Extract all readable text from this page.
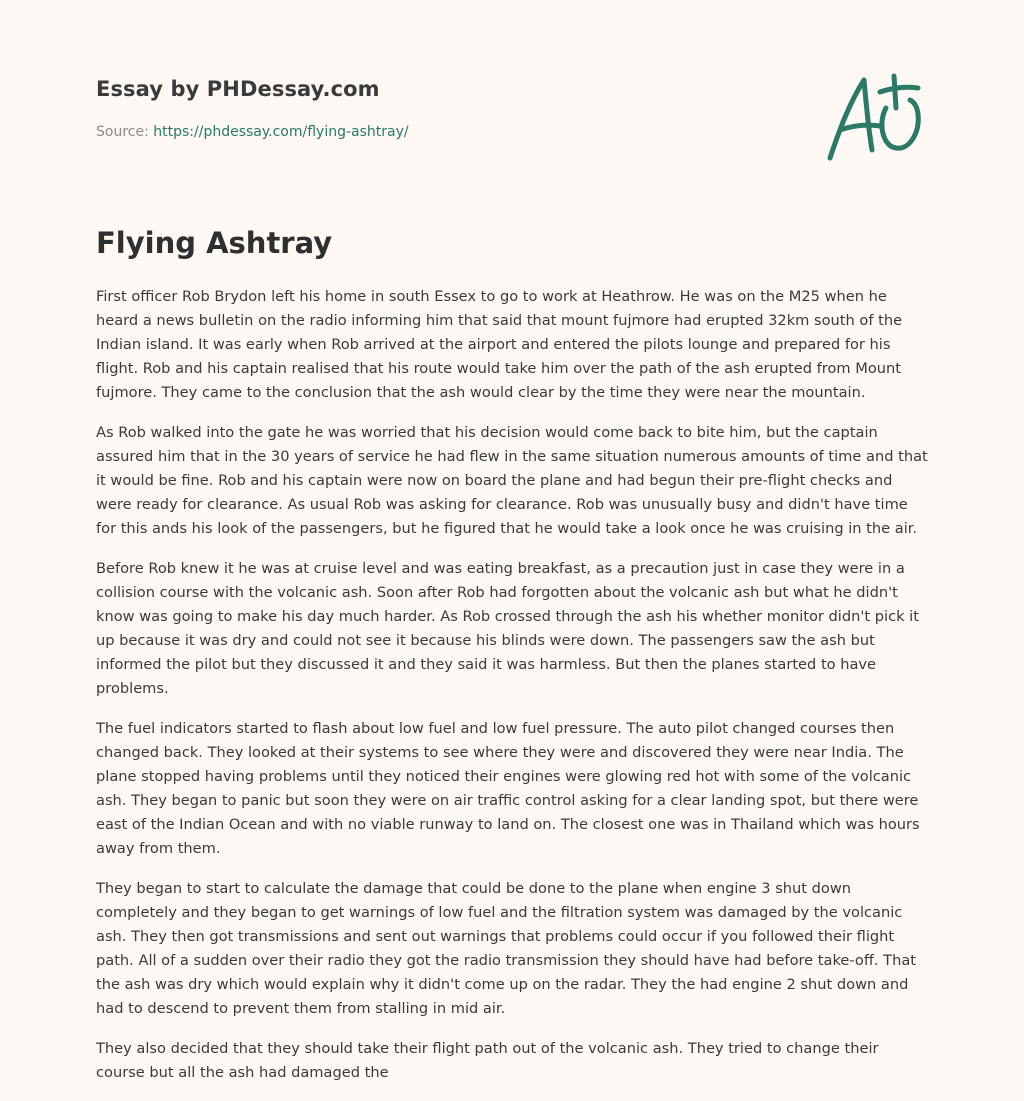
Essay by PHDessay.com
Source: https://phdessay.com/flying-ashtray/
Flying Ashtray

First officer Rob Brydon left his home in south Essex to go to work at Heathrow. He was on the M25 when he heard a news bulletin on the radio informing him that said that mount fujmore had erupted 32km south of the Indian island. It was early when Rob arrived at the airport and entered the pilots lounge and prepared for his flight. Rob and his captain realised that his route would take him over the path of the ash erupted from Mount fujmore. They came to the conclusion that the ash would clear by the time they were near the mountain.

As Rob walked into the gate he was worried that his decision would come back to bite him, but the captain assured him that in the 30 years of service he had flew in the same situation numerous amounts of time and that it would be fine. Rob and his captain were now on board the plane and had begun their pre-flight checks and were ready for clearance. As usual Rob was asking for clearance. Rob was unusually busy and didn't have time for this ands his look of the passengers, but he figured that he would take a look once he was cruising in the air.

Before Rob knew it he was at cruise level and was eating breakfast, as a precaution just in case they were in a collision course with the volcanic ash. Soon after Rob had forgotten about the volcanic ash but what he didn't know was going to make his day much harder. As Rob crossed through the ash his whether monitor didn't pick it up because it was dry and could not see it because his blinds were down. The passengers saw the ash but informed the pilot but they discussed it and they said it was harmless. But then the planes started to have problems.

The fuel indicators started to flash about low fuel and low fuel pressure. The auto pilot changed courses then changed back. They looked at their systems to see where they were and discovered they were near India. The plane stopped having problems until they noticed their engines were glowing red hot with some of the volcanic ash. They began to panic but soon they were on air traffic control asking for a clear landing spot, but there were east of the Indian Ocean and with no viable runway to land on. The closest one was in Thailand which was hours away from them.

They began to start to calculate the damage that could be done to the plane when engine 3 shut down completely and they began to get warnings of low fuel and the filtration system was damaged by the volcanic ash. They then got transmissions and sent out warnings that problems could occur if you followed their flight path. All of a sudden over their radio they got the radio transmission they should have had before take-off. That the ash was dry which would explain why it didn't come up on the radar. They the had engine 2 shut down and had to descend to prevent them from stalling in mid air.

They also decided that they should take their flight path out of the volcanic ash. They tried to change their course but all the ash had damaged the
